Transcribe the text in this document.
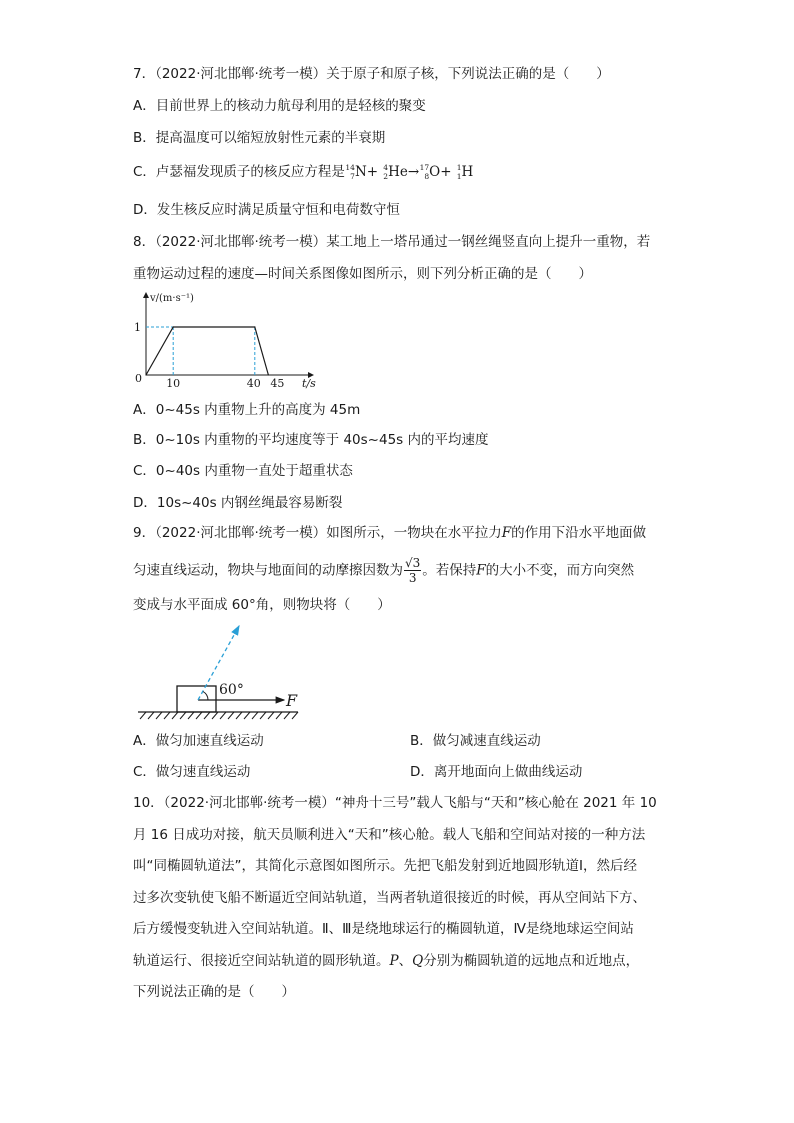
7．（2022·河北邯郸·统考一模）关于原子和原子核，下列说法正确的是（　　）
A．目前世界上的核动力航母利用的是轻核的聚变
B．提高温度可以缩短放射性元素的半衰期
C．卢瑟福发现质子的核反应方程是 14
7 N+ 4
2 He→ 17
8 O+ 1
1 H
D．发生核反应时满足质量守恒和电荷数守恒
8．（2022·河北邯郸·统考一模）某工地上一塔吊通过一钢丝绳竖直向上提升一重物，若
重物运动过程的速度—时间关系图像如图所示，则下列分析正确的是（　　）
0 10	40 45
1
t/s
v/(m·s⁻¹)
A．0~45s 内重物上升的高度为 45m
B．0~10s 内重物的平均速度等于 40s~45s 内的平均速度
C．0~40s 内重物一直处于超重状态
D．10s~40s 内钢丝绳最容易断裂
9．（2022·河北邯郸·统考一模）如图所示，一物块在水平拉力F的作用下沿水平地面做
匀速直线运动，物块与地面间的动摩擦因数为 $\frac{√3}{3}$ 。若保持F的大小不变，而方向突然
变成与水平面成 60°角，则物块将（　　）
60°
F
A．做匀加速直线运动	B．做匀减速直线运动
C．做匀速直线运动	D．离开地面向上做曲线运动
10．（2022·河北邯郸·统考一模）“神舟十三号”载人飞船与“天和”核心舱在 2021 年 10
月 16 日成功对接，航天员顺利进入“天和”核心舱。载人飞船和空间站对接的一种方法
叫“同椭圆轨道法”，其简化示意图如图所示。先把飞船发射到近地圆形轨道Ⅰ，然后经
过多次变轨使飞船不断逼近空间站轨道，当两者轨道很接近的时候，再从空间站下方、
后方缓慢变轨进入空间站轨道。Ⅱ、Ⅲ是绕地球运行的椭圆轨道，Ⅳ是绕地球运空间站
轨道运行、很接近空间站轨道的圆形轨道。P、Q分别为椭圆轨道的远地点和近地点，
下列说法正确的是（　　）
